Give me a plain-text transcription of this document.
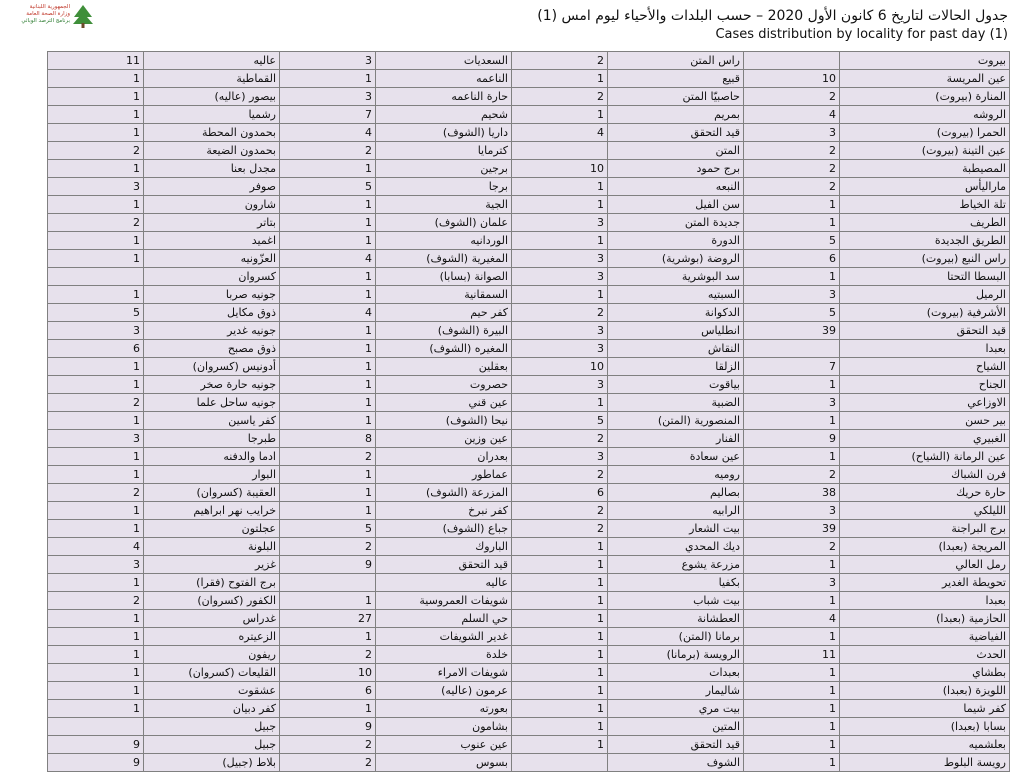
الجمهورية اللبنانية
وزارة الصحة العامة
برنامج الترصد الوبائي	جدول الحالات لتاريخ 6 كانون الأول 2020 – حسب البلدات والأحياء ليوم امس (1)
Cases distribution by locality for past day (1)
11	عاليه	3	السعديات	2	راس المتن		بيروت
1	القماطية	1	الناعمه	1	قبيع	10	عين المريسة
1	بيصور (عاليه)	3	حارة الناعمه	2	حاصبيّا المتن	2	المنارة (بيروت)
1	رشميا	7	شحيم	1	بمريم	4	الروشه
1	بحمدون المحطة	4	داريا (الشوف)	4	قيد التحقق	3	الحمرا (بيروت)
2	بحمدون الضيعة	2	كترمايا		المتن	2	عين التينة (بيروت)
1	مجدل بعنا	1	برجين	10	برج حمود	2	المصيطبة
3	صوفر	5	برجا	1	النبعه	2	ماراليأس
1	شارون	1	الجية	1	سن الفيل	1	تلة الخياط
2	بتاتر	1	علمان (الشوف)	3	جديدة المتن	1	الطريف
1	اغميد	1	الوردانيه	1	الدورة	5	الطريق الجديدة
1	العزّونيه	4	المغيرية (الشوف)	3	الروضة (بوشرية)	6	راس النبع (بيروت)
	كسروان	1	الصوانة (بسابا)	3	سد البوشرية	1	البسطا التحتا
1	جونيه صربا	1	السمقانية	1	السبتيه	3	الرميل
5	ذوق مكايل	4	كفر حيم	2	الدكوانة	5	الأشرفية (بيروت)
3	جونيه غدير	1	البيرة (الشوف)	3	انطلياس	39	قيد التحقق
6	ذوق مصبح	1	المغيره (الشوف)	3	النقاش		بعبدا
1	أدونيس (كسروان)	1	بعقلين	10	الزلقا	7	الشياح
1	جونيه حارة صخر	1	حصروت	3	بياقوت	1	الجناح
2	جونيه ساحل علما	1	عين قني	1	الضبية	3	الاوزاعي
1	كفر ياسين	1	نيحا (الشوف)	5	المنصورية (المتن)	1	بير حسن
3	طبرجا	8	عين وزين	2	الفنار	9	الغبيري
1	ادما والدفنه	2	بعدران	3	عين سعادة	1	عين الرمانة (الشياح)
1	البوار	1	عماطور	2	روميه	2	فرن الشباك
2	العقيبة (كسروان)	1	المزرعة (الشوف)	6	بصاليم	38	حارة حريك
1	خرايب نهر ابراهيم	1	كفر نبرخ	2	الرابيه	3	الليلكي
1	عجلتون	5	جباع (الشوف)	2	بيت الشعار	39	برج البراجنة
4	البلونة	2	الباروك	1	ديك المحدي	2	المريجة (بعبدا)
3	غزير	9	قيد التحقق	1	مزرعة يشوع	1	رمل العالي
1	برج الفتوح (فقرا)		عاليه	1	بكفيا	3	تحويطة الغدير
2	الكفور (كسروان)	1	شويفات العمروسية	1	بيت شباب	1	بعبدا
1	غدراس	27	حي السلم	1	العطشانة	4	الحازمية (بعبدا)
1	الزعيتره	1	غدير الشويفات	1	برمانا (المتن)	1	الفياضية
1	ريفون	2	خلدة	1	الرويسة (برمانا)	11	الحدث
1	القليعات (كسروان)	10	شويفات الامراء	1	بعبدات	1	بطشاي
1	عشقوت	6	عرمون (عاليه)	1	شاليمار	1	اللويزة (بعبدا)
1	كفر دبيان	1	بعورته	1	بيت مري	1	كفر شيما
	جبيل	9	بشامون	1	المتين	1	بسابا (بعبدا)
9	جبيل	2	عين عنوب	1	قيد التحقق	1	بعلشميه
9	بلاط (جبيل)	2	بسوس		الشوف	1	رويسة البلوط
